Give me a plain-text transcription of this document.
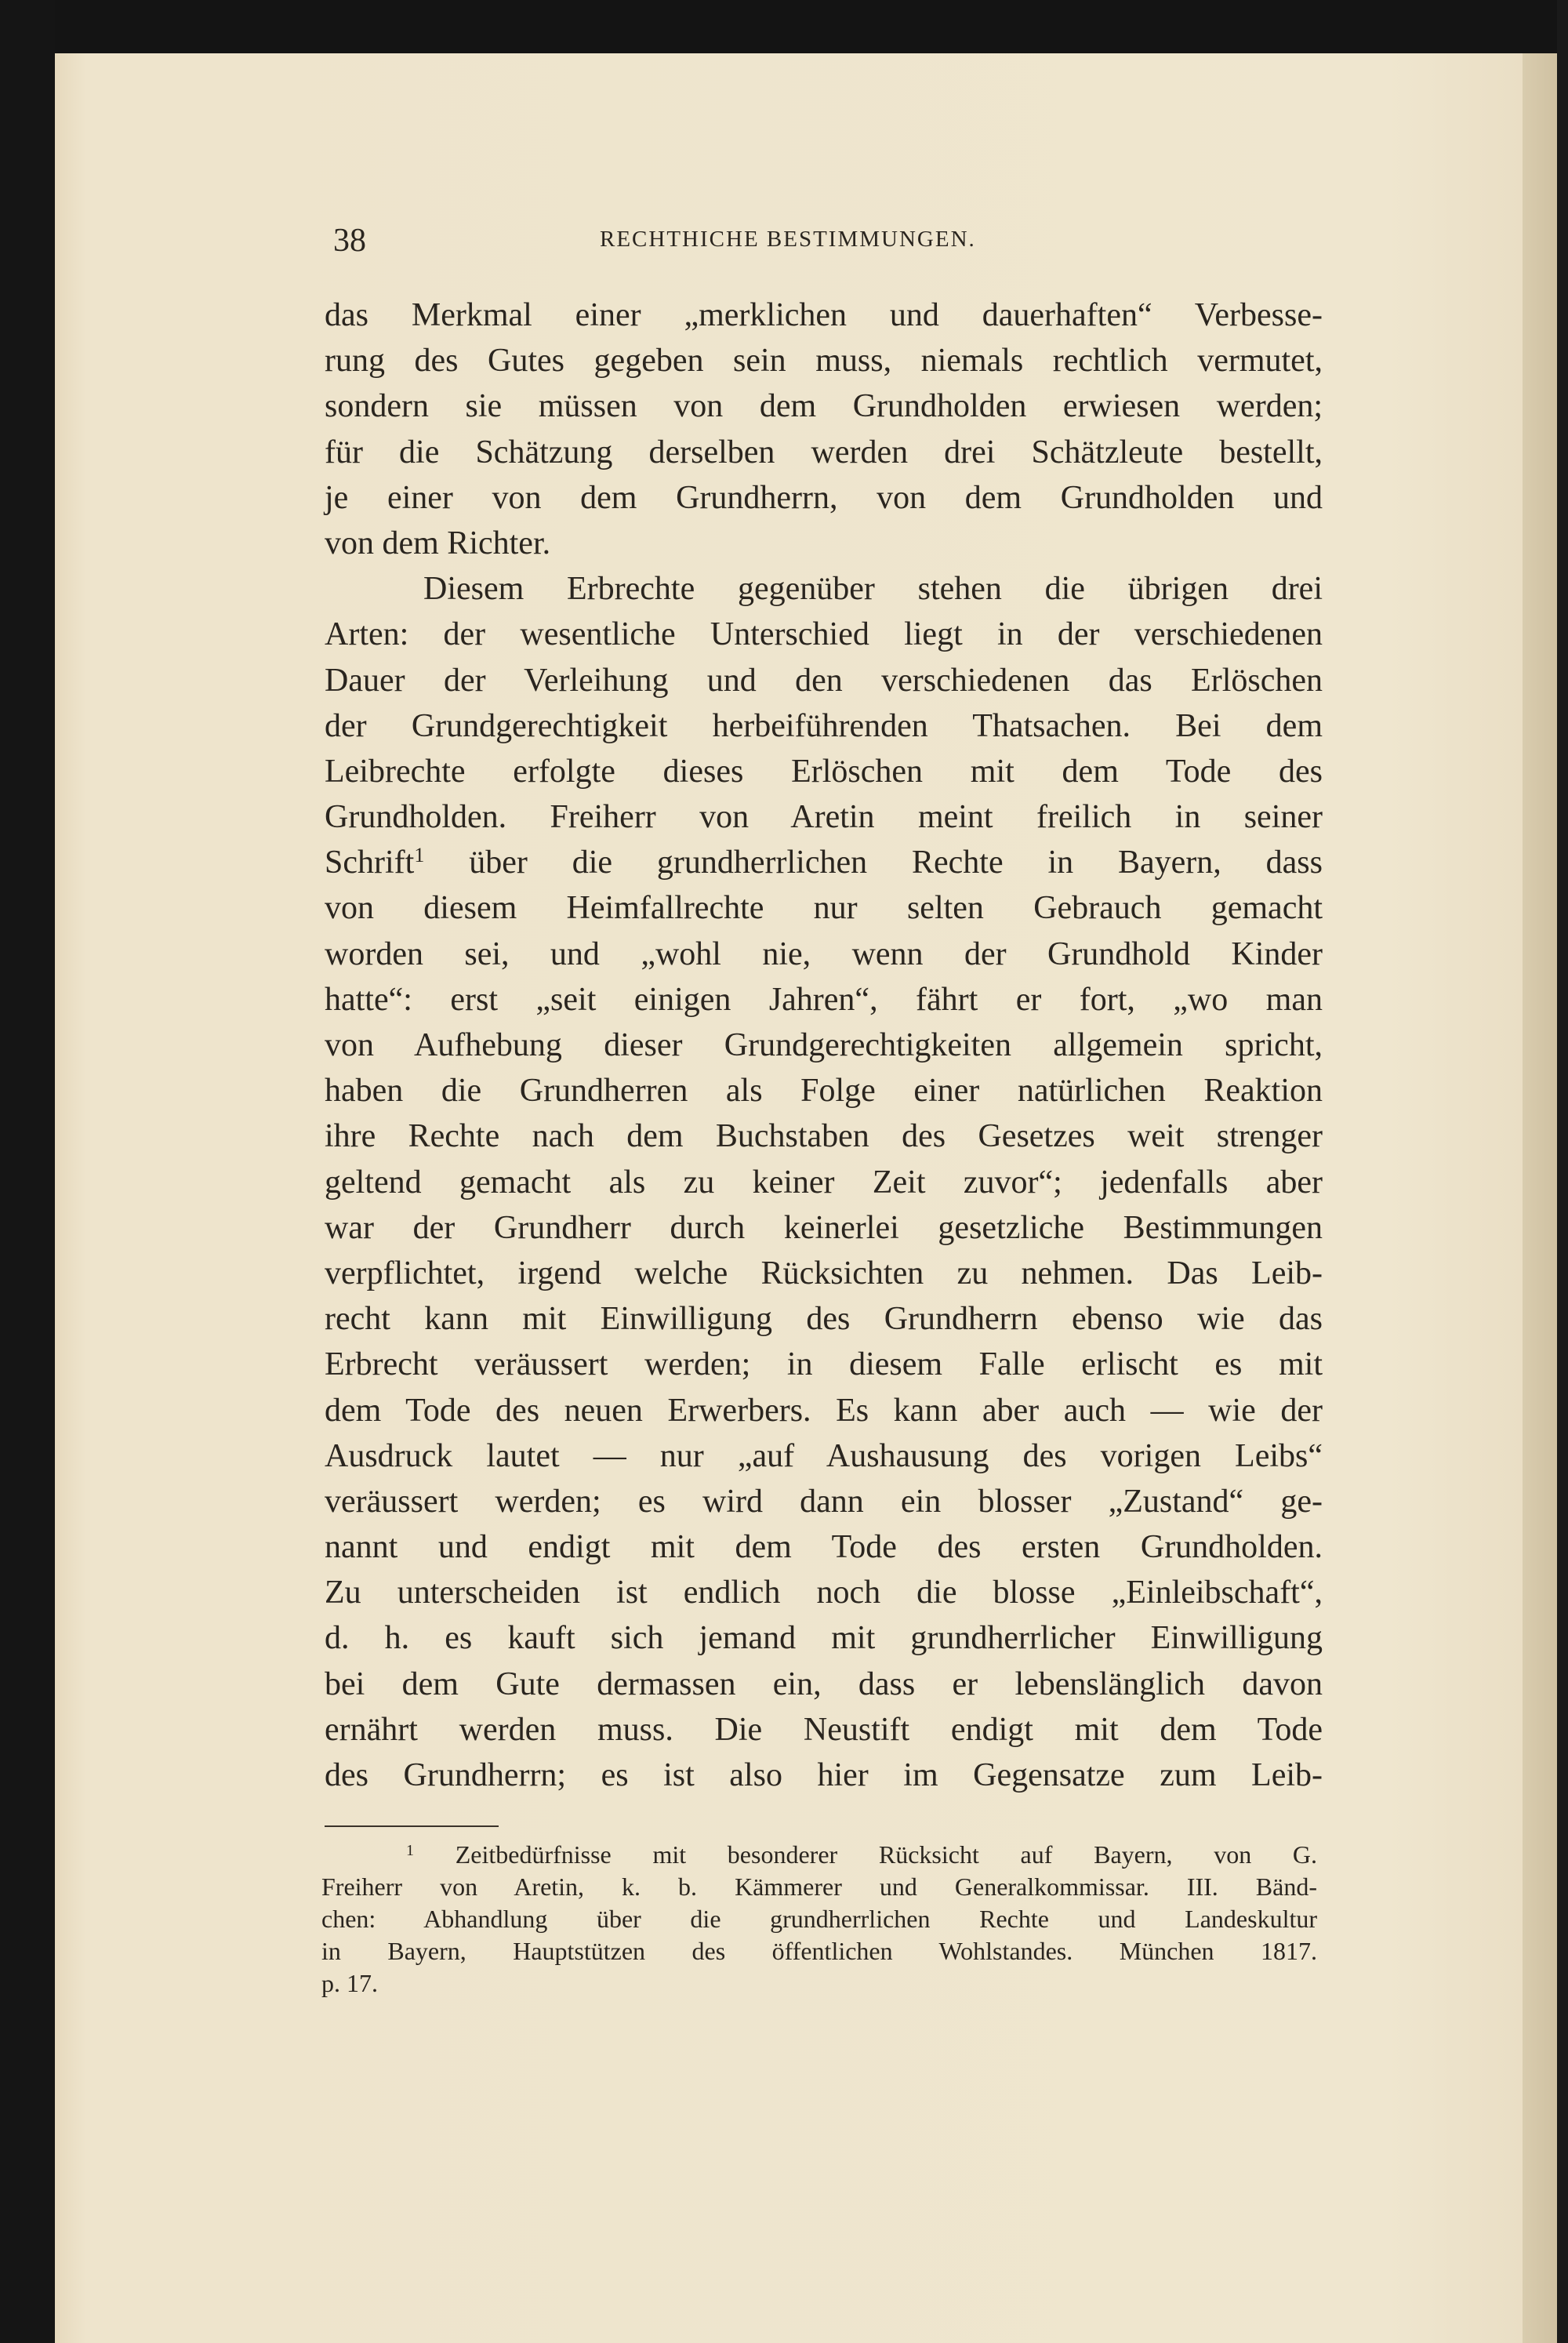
38	RECHTHICHE BESTIMMUNGEN.
das Merkmal einer „merklichen und dauerhaften“ Verbesse-
rung des Gutes gegeben sein muss, niemals rechtlich vermutet,
sondern sie müssen von dem Grundholden erwiesen werden;
für die Schätzung derselben werden drei Schätzleute bestellt,
je einer von dem Grundherrn, von dem Grundholden und
von dem Richter.
Diesem Erbrechte gegenüber stehen die übrigen drei
Arten: der wesentliche Unterschied liegt in der verschiedenen
Dauer der Verleihung und den verschiedenen das Erlöschen
der Grundgerechtigkeit herbeiführenden Thatsachen. Bei dem
Leibrechte erfolgte dieses Erlöschen mit dem Tode des
Grundholden. Freiherr von Aretin meint freilich in seiner
Schrift$^1$ über die grundherrlichen Rechte in Bayern, dass
von diesem Heimfallrechte nur selten Gebrauch gemacht
worden sei, und „wohl nie, wenn der Grundhold Kinder
hatte“: erst „seit einigen Jahren“, fährt er fort, „wo man
von Aufhebung dieser Grundgerechtigkeiten allgemein spricht,
haben die Grundherren als Folge einer natürlichen Reaktion
ihre Rechte nach dem Buchstaben des Gesetzes weit strenger
geltend gemacht als zu keiner Zeit zuvor“; jedenfalls aber
war der Grundherr durch keinerlei gesetzliche Bestimmungen
verpflichtet, irgend welche Rücksichten zu nehmen. Das Leib-
recht kann mit Einwilligung des Grundherrn ebenso wie das
Erbrecht veräussert werden; in diesem Falle erlischt es mit
dem Tode des neuen Erwerbers. Es kann aber auch — wie der
Ausdruck lautet — nur „auf Aushausung des vorigen Leibs“
veräussert werden; es wird dann ein blosser „Zustand“ ge-
nannt und endigt mit dem Tode des ersten Grundholden.
Zu unterscheiden ist endlich noch die blosse „Einleibschaft“,
d. h. es kauft sich jemand mit grundherrlicher Einwilligung
bei dem Gute dermassen ein, dass er lebenslänglich davon
ernährt werden muss. Die Neustift endigt mit dem Tode
des Grundherrn; es ist also hier im Gegensatze zum Leib-
$^1$ Zeitbedürfnisse mit besonderer Rücksicht auf Bayern, von G.
Freiherr von Aretin, k. b. Kämmerer und Generalkommissar. III. Bänd-
chen: Abhandlung über die grundherrlichen Rechte und Landeskultur
in Bayern, Hauptstützen des öffentlichen Wohlstandes. München 1817.
p. 17.
